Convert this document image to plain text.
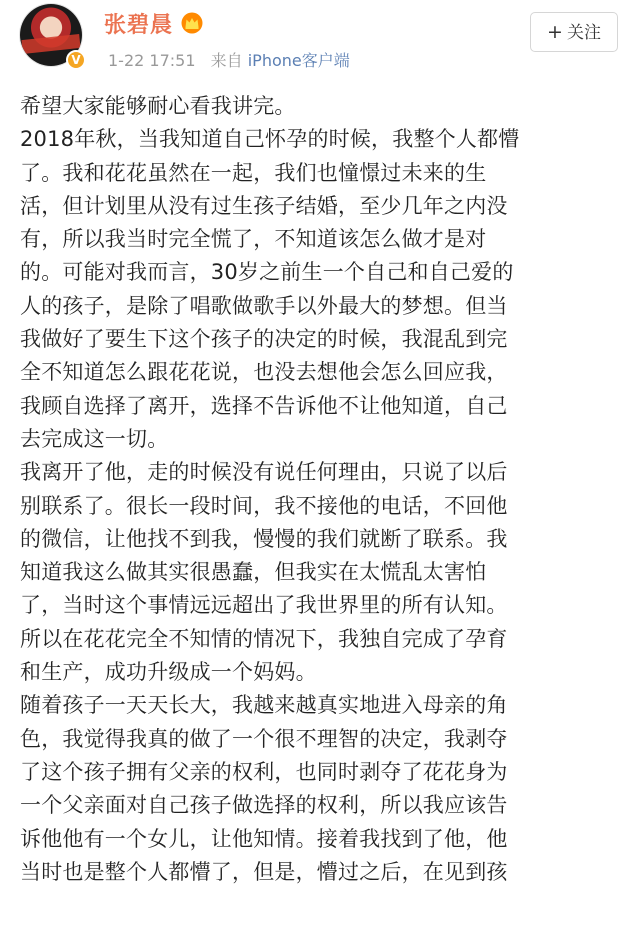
V
张碧晨
1-22 17:51 来自 iPhone客户端
+ 关注
希望大家能够耐心看我讲完。
2018年秋，当我知道自己怀孕的时候，我整个人都懵
了。我和花花虽然在一起，我们也憧憬过未来的生
活，但计划里从没有过生孩子结婚，至少几年之内没
有，所以我当时完全慌了，不知道该怎么做才是对
的。可能对我而言，30岁之前生一个自己和自己爱的
人的孩子，是除了唱歌做歌手以外最大的梦想。但当
我做好了要生下这个孩子的决定的时候，我混乱到完
全不知道怎么跟花花说，也没去想他会怎么回应我，
我顾自选择了离开，选择不告诉他不让他知道，自己
去完成这一切。
我离开了他，走的时候没有说任何理由，只说了以后
别联系了。很长一段时间，我不接他的电话，不回他
的微信，让他找不到我，慢慢的我们就断了联系。我
知道我这么做其实很愚蠢，但我实在太慌乱太害怕
了，当时这个事情远远超出了我世界里的所有认知。
所以在花花完全不知情的情况下，我独自完成了孕育
和生产，成功升级成一个妈妈。
随着孩子一天天长大，我越来越真实地进入母亲的角
色，我觉得我真的做了一个很不理智的决定，我剥夺
了这个孩子拥有父亲的权利，也同时剥夺了花花身为
一个父亲面对自己孩子做选择的权利，所以我应该告
诉他他有一个女儿，让他知情。接着我找到了他，他
当时也是整个人都懵了，但是，懵过之后，在见到孩
